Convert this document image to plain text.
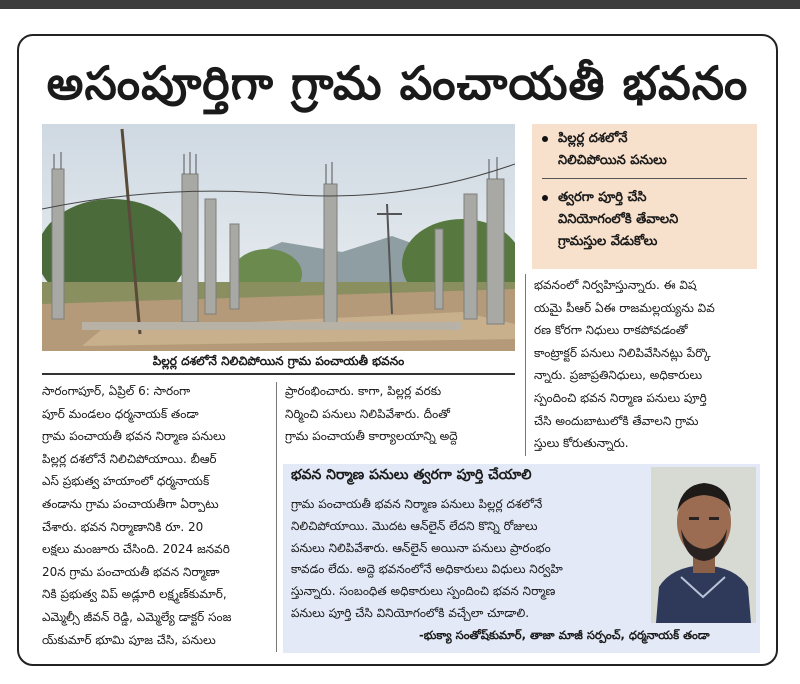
అసంపూర్తిగా గ్రామ పంచాయతీ భవనం
పిల్లర్ల దశలోనే నిలిచిపోయిన గ్రామ పంచాయతీ భవనం
పిల్లర్ల దశలోనే
నిలిచిపోయిన పనులు
త్వరగా పూర్తి చేసి
వినియోగంలోకి తేవాలని
గ్రామస్తుల వేడుకోలు
భవనంలో నిర్వహిస్తున్నారు. ఈ విష
యమై పీఆర్ ఏఈ రాజమల్లయ్యను వివ
రణ కోరగా నిధులు రాకపోవడంతో
కాంట్రాక్టర్ పనులు నిలిపివేసినట్లు పేర్కొ
న్నారు. ప్రజాప్రతినిధులు, అధికారులు
స్పందించి భవన నిర్మాణ పనులు పూర్తి
చేసి అందుబాటులోకి తేవాలని గ్రామ
స్తులు కోరుతున్నారు.
సారంగాపూర్, ఏప్రిల్ 6: సారంగా
పూర్ మండలం ధర్మనాయక్ తండా
గ్రామ పంచాయతీ భవన నిర్మాణ పనులు
పిల్లర్ల దశలోనే నిలిచిపోయాయి. బీఆర్
ఎస్ ప్రభుత్వ హయాంలో ధర్మనాయక్
తండాను గ్రామ పంచాయతీగా ఏర్పాటు
చేశారు. భవన నిర్మాణానికి రూ. 20
లక్షలు మంజూరు చేసింది. 2024 జనవరి
20న గ్రామ పంచాయతీ భవన నిర్మాణా
నికి ప్రభుత్వ విప్ అడ్లూరి లక్ష్మణ్‌కుమార్,
ఎమ్మెల్సీ జీవన్ రెడ్డి, ఎమ్మెల్యే డాక్టర్ సంజ
య్‌కుమార్ భూమి పూజ చేసి, పనులు
ప్రారంభించారు. కాగా, పిల్లర్ల వరకు
నిర్మించి పనులు నిలిపివేశారు. దీంతో
గ్రామ పంచాయతీ కార్యాలయాన్ని అద్దె
భవన నిర్మాణ పనులు త్వరగా పూర్తి చేయాలి
గ్రామ పంచాయతీ భవన నిర్మాణ పనులు పిల్లర్ల దశలోనే
నిలిచిపోయాయి. మొదట ఆన్‌లైన్ లేదని కొన్ని రోజులు
పనులు నిలిపివేశారు. ఆన్‌లైన్ అయినా పనులు ప్రారంభం
కావడం లేదు. అద్దె భవనంలోనే అధికారులు విధులు నిర్వహి
స్తున్నారు. సంబంధిత అధికారులు స్పందించి భవన నిర్మాణ
పనులు పూర్తి చేసి వినియోగంలోకి వచ్చేలా చూడాలి.
-భుక్యా సంతోష్‌కుమార్, తాజా మాజీ సర్పంచ్, ధర్మనాయక్ తండా
